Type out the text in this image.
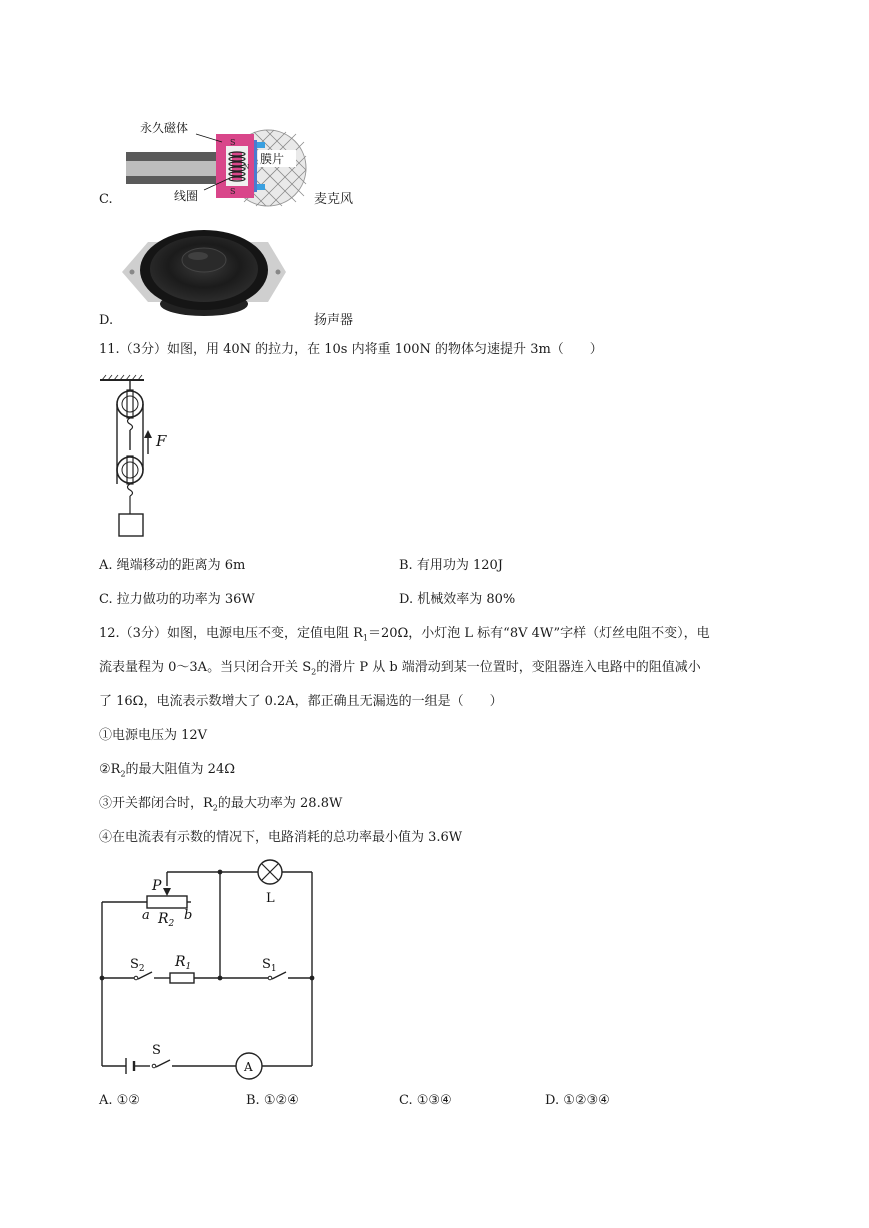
C.
S
S
N
膜片
永久磁体
线圈	麦克风
D.	扬声器
11.（3分）如图，用 40N 的拉力，在 10s 内将重 100N 的物体匀速提升 3m（　　）
F
A. 绳端移动的距离为 6m	B. 有用功为 120J
C. 拉力做功的功率为 36W	D. 机械效率为 80%
12.（3分）如图，电源电压不变，定值电阻 $R_1=20\Omega$，小灯泡 L 标有“8V 4W”字样（灯丝电阻不变），电
流表量程为 0～3A。当只闭合开关 $S_2$的滑片 P 从 b 端滑动到某一位置时，变阻器连入电路中的阻值减小
了 16Ω，电流表示数增大了 0.2A，都正确且无漏选的一组是（　　）
①电源电压为 12V
$②R_2$的最大阻值为 24Ω
③开关都闭合时，$R_2$的最大功率为 28.8W
④在电流表有示数的情况下，电路消耗的总功率最小值为 3.6W
P
a $R_2$
b
L
$S_2$ $R_1$	$S_1$
S
A
A. ①②	B. ①②④	C. ①③④	D. ①②③④
